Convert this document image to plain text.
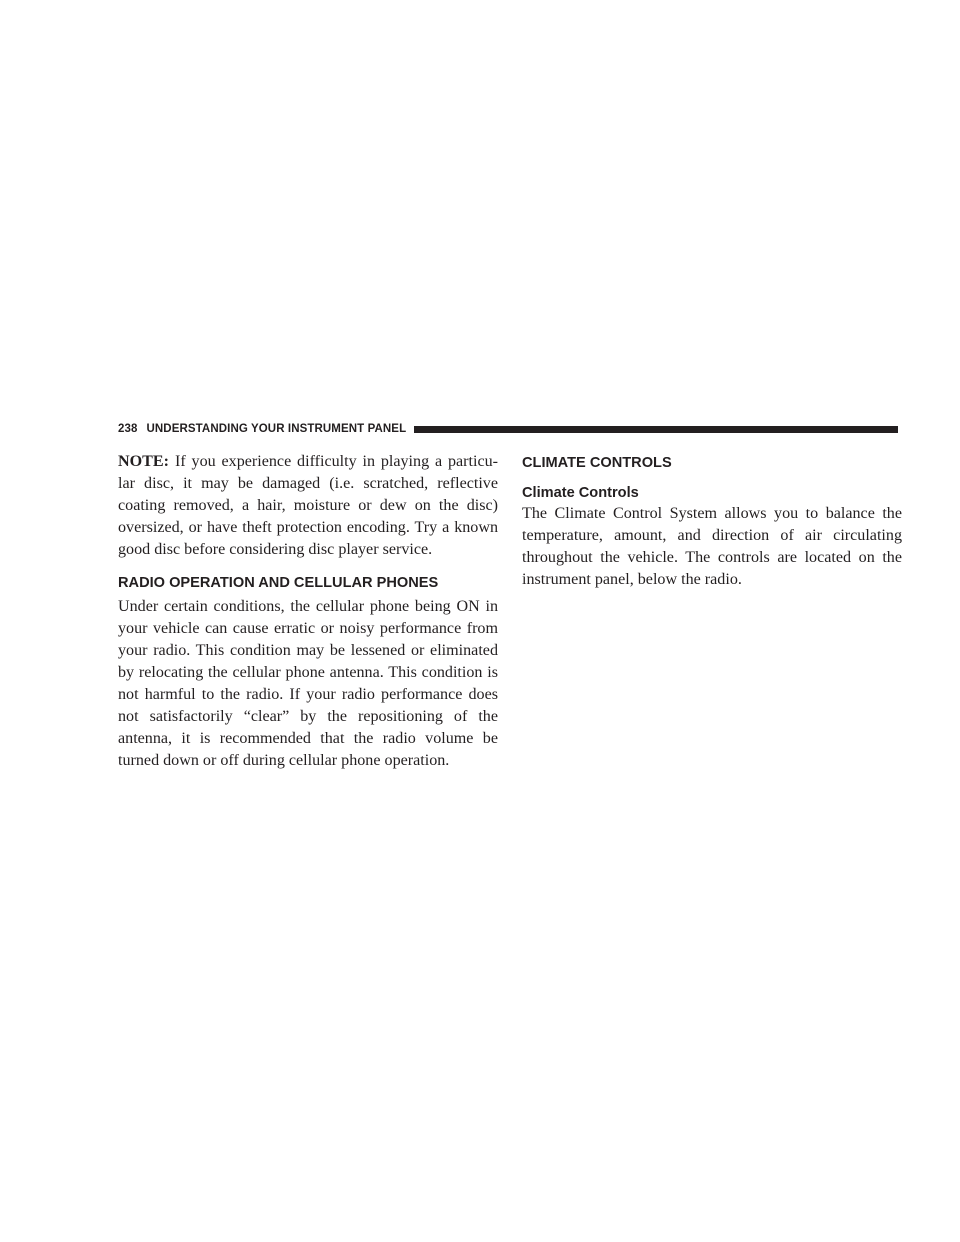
238 UNDERSTANDING YOUR INSTRUMENT PANEL

NOTE: If you experience difficulty in playing a particu-lar disc, it may be damaged (i.e. scratched, reflective coating removed, a hair, moisture or dew on the disc) oversized, or have theft protection encoding. Try a known good disc before considering disc player service.

RADIO OPERATION AND CELLULAR PHONES

Under certain conditions, the cellular phone being ON in your vehicle can cause erratic or noisy performance from your radio. This condition may be lessened or eliminated by relocating the cellular phone antenna. This condition is not harmful to the radio. If your radio performance does not satisfactorily “clear” by the repositioning of the antenna, it is recommended that the radio volume be turned down or off during cellular phone operation.

CLIMATE CONTROLS
Climate Controls

The Climate Control System allows you to balance the temperature, amount, and direction of air circulating throughout the vehicle. The controls are located on the instrument panel, below the radio.
